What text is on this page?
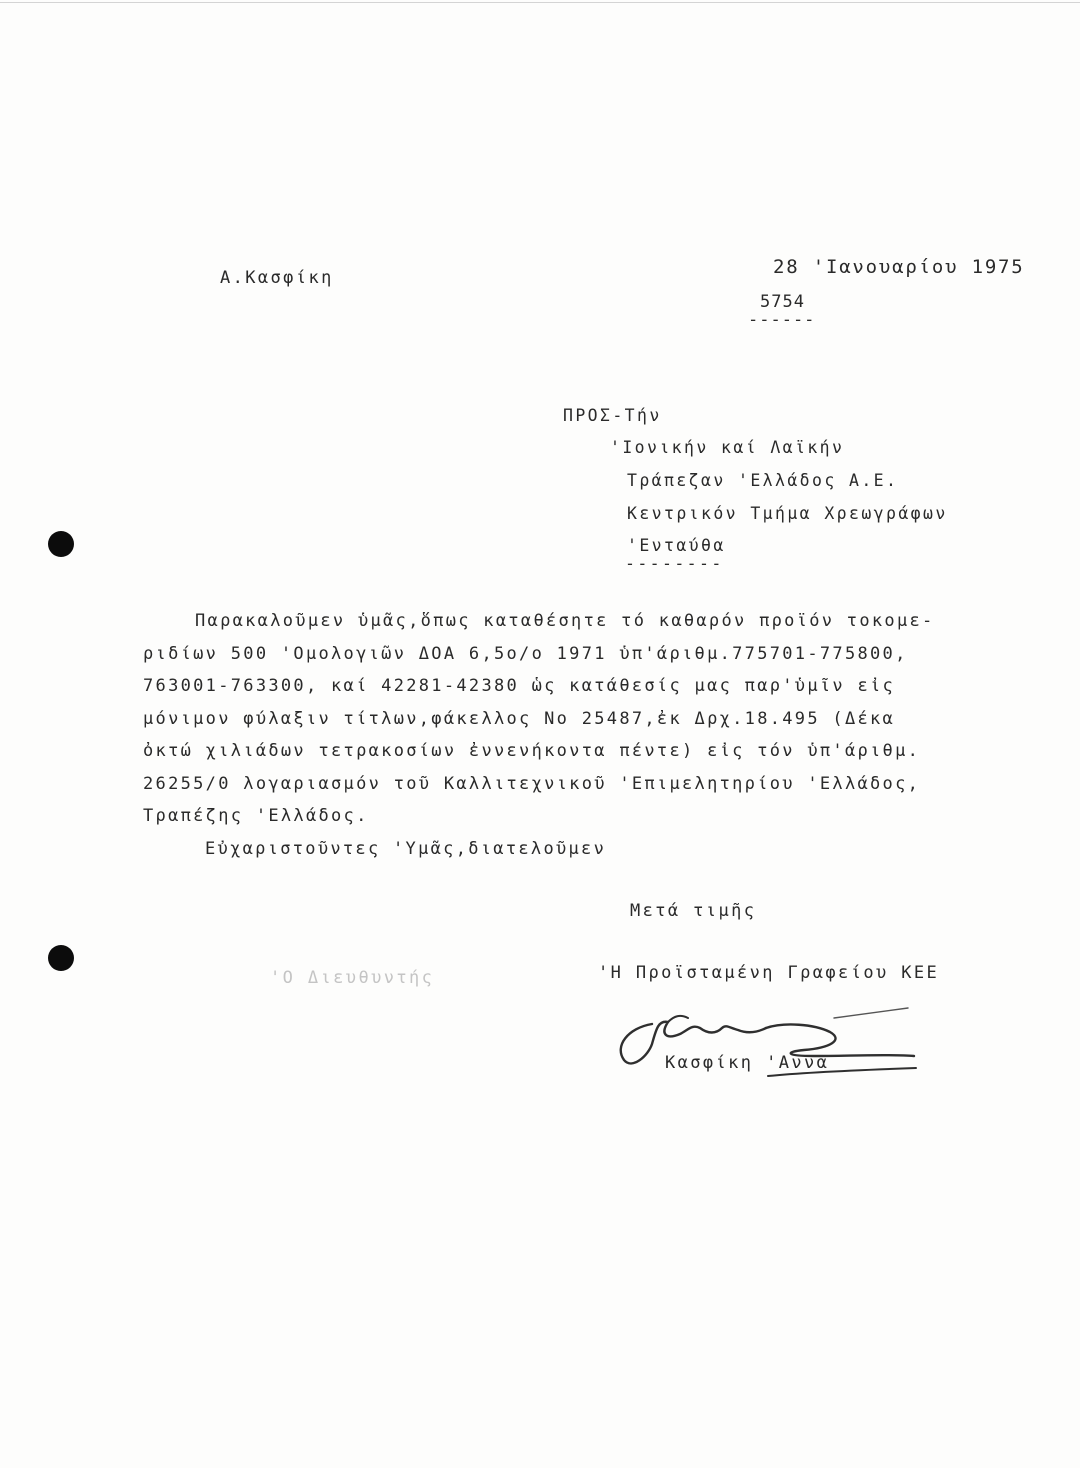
Α.Κασφίκη	28 'Ιανουαρίου 1975
5754
------
ΠΡΟΣ-Τήν
'Ιονικήν καί Λαϊκήν
Τράπεζαν 'Ελλάδος Α.Ε.
Κεντρικόν Τμήμα Χρεωγράφων
'Ενταύθα
--------
Παρακαλοῦμεν ὑμᾶς,ὅπως καταθέσητε τό καθαρόν προϊόν τοκομε-
ριδίων 500 'Ομολογιῶν ΔΟΑ 6,5ο/ο 1971 ὑπ'άριθμ.775701-775800,
763001-763300, καί 42281-42380 ὡς κατάθεσίς μας παρ'ὑμῖν εἰς
μόνιμον φύλαξιν τίτλων,φάκελλος Νο 25487,ἐκ Δρχ.18.495 (Δέκα
ὀκτώ χιλιάδων τετρακοσίων ἐννενήκοντα πέντε) εἰς τόν ὑπ'άριθμ.
26255/0 λογαριασμόν τοῦ Καλλιτεχνικοῦ 'Επιμελητηρίου 'Ελλάδος,
Τραπέζης 'Ελλάδος.
Εὐχαριστοῦντες 'Υμᾶς,διατελοῦμεν
Μετά τιμῆς
'Ο Διευθυντής	'Η Προϊσταμένη Γραφείου ΚΕΕ
Κασφίκη 'Αννα
